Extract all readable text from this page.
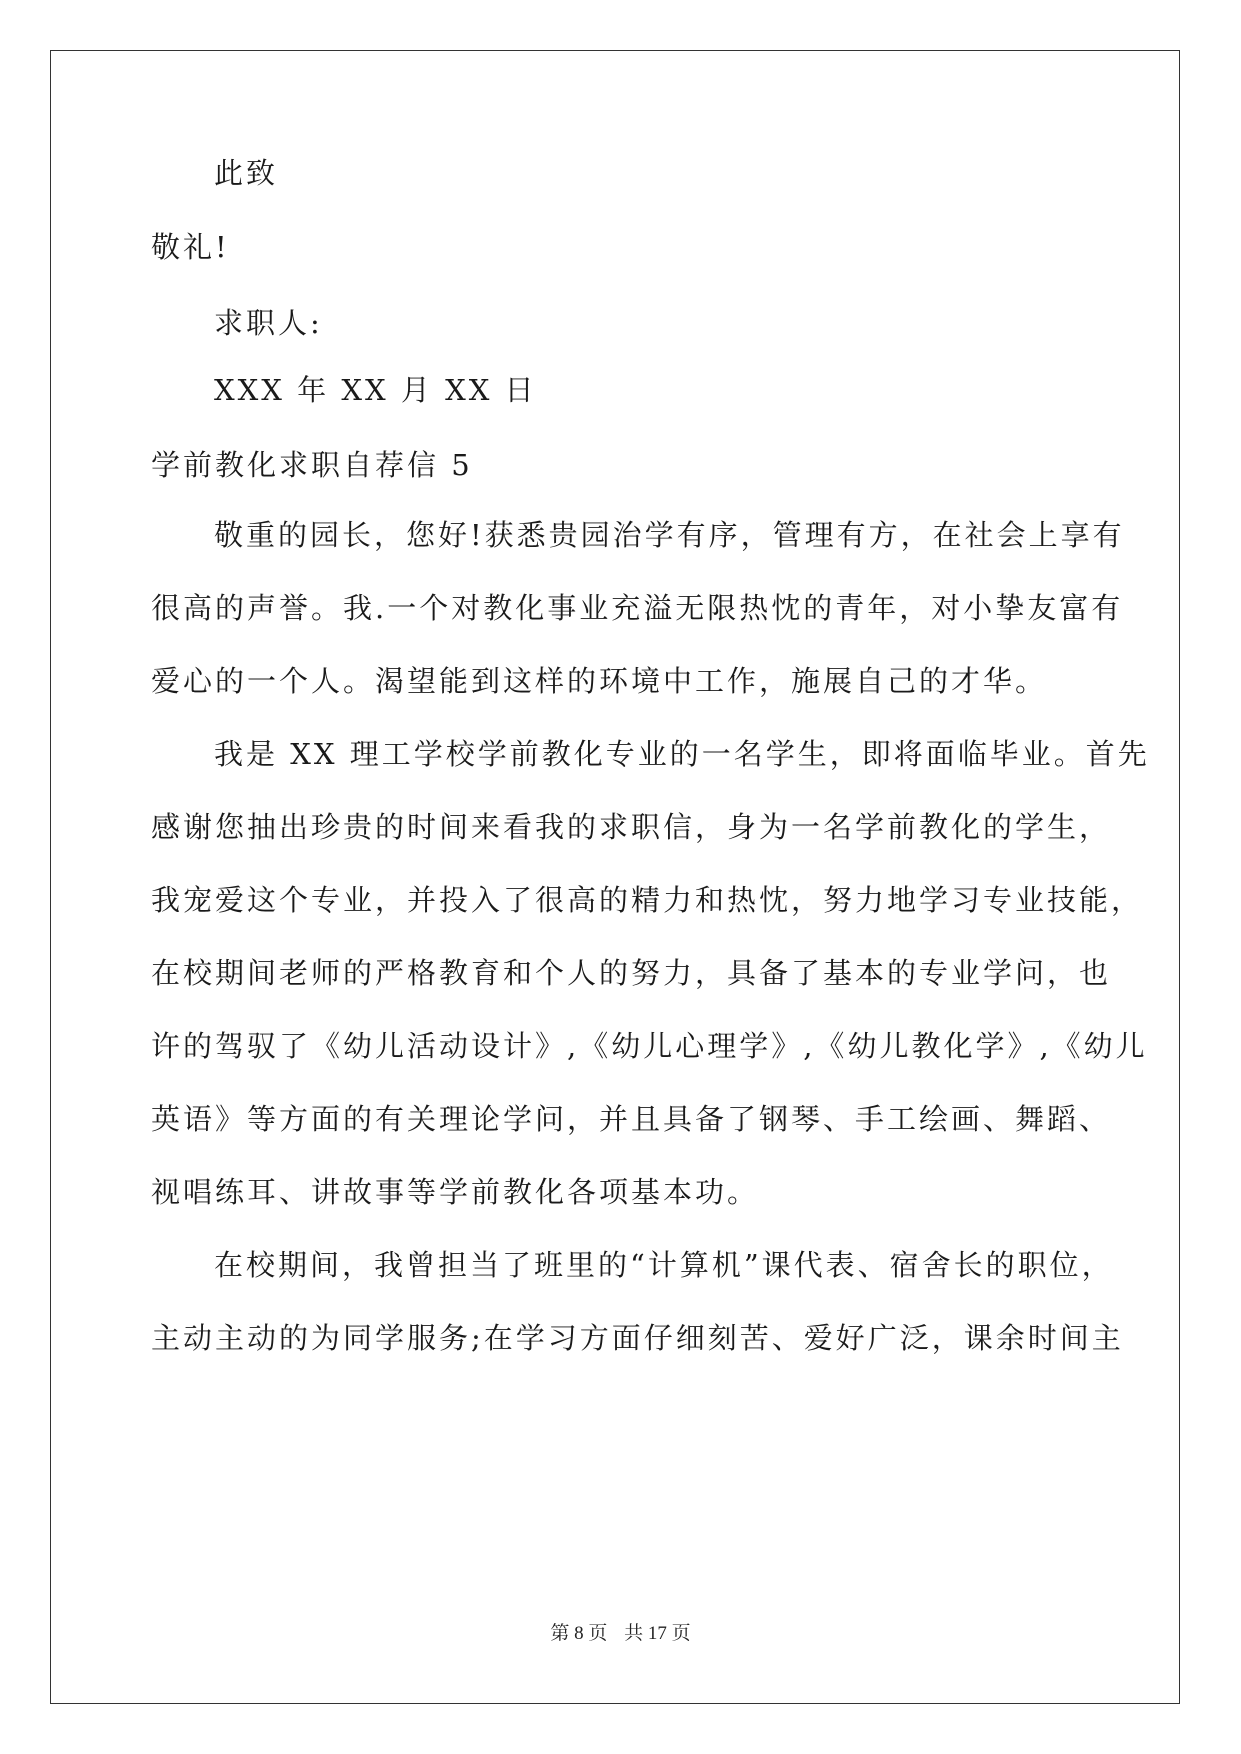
此致
敬礼!
求职人:
XXX 年 XX 月 XX 日
学前教化求职自荐信 5
敬重的园长，您好!获悉贵园治学有序，管理有方，在社会上享有
很高的声誉。我.一个对教化事业充溢无限热忱的青年，对小挚友富有
爱心的一个人。渴望能到这样的环境中工作，施展自己的才华。
我是 XX 理工学校学前教化专业的一名学生，即将面临毕业。首先
感谢您抽出珍贵的时间来看我的求职信，身为一名学前教化的学生，
我宠爱这个专业，并投入了很高的精力和热忱，努力地学习专业技能，
在校期间老师的严格教育和个人的努力，具备了基本的专业学问，也
许的驾驭了《幼儿活动设计》,《幼儿心理学》,《幼儿教化学》,《幼儿
英语》等方面的有关理论学问，并且具备了钢琴、手工绘画、舞蹈、
视唱练耳、讲故事等学前教化各项基本功。
在校期间，我曾担当了班里的“计算机”课代表、宿舍长的职位，
主动主动的为同学服务;在学习方面仔细刻苦、爱好广泛，课余时间主
第 8 页 共 17 页
